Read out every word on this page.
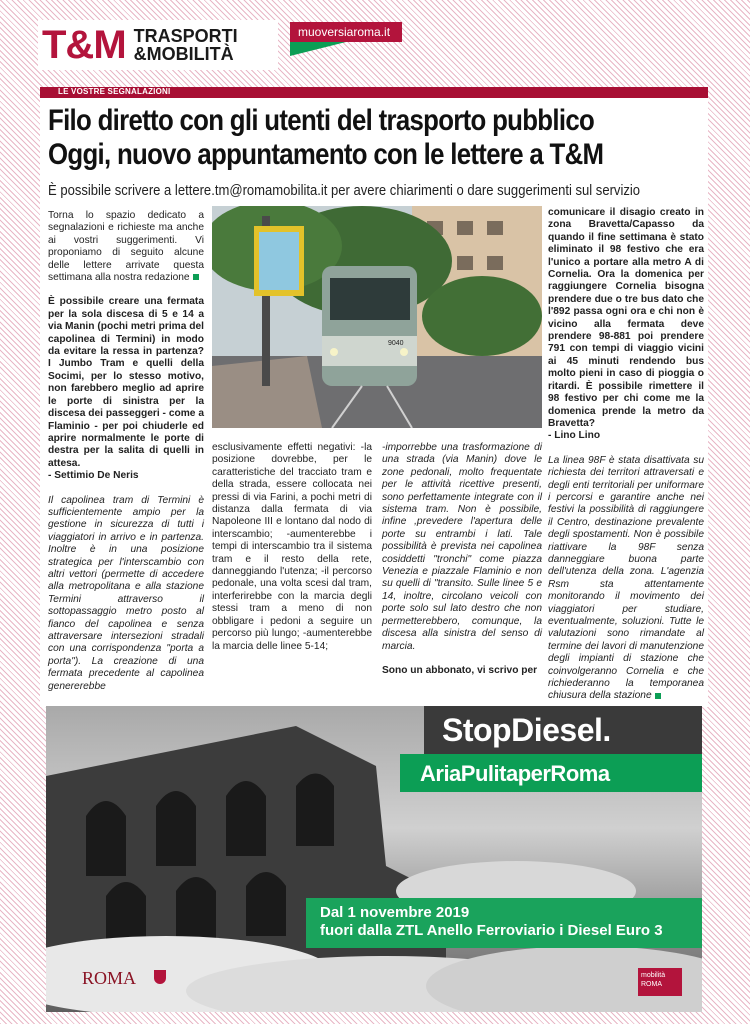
T&M TRASPORTI
&MOBILITÀ
muoversiaroma.it
LE VOSTRE SEGNALAZIONI
Filo diretto con gli utenti del trasporto pubblico
Oggi, nuovo appuntamento con le lettere a T&M
È possibile scrivere a lettere.tm@romamobilita.it per avere chiarimenti o dare suggerimenti sul servizio

Torna lo spazio dedicato a segnalazioni e richieste ma anche ai vostri suggerimenti. Vi proponiamo di seguito alcune delle lettere arrivate questa settimana alla nostra redazione

È possibile creare una fermata per la sola discesa di 5 e 14 a via Manin (pochi metri prima del capolinea di Termini) in modo da evitare la ressa in partenza? I Jumbo Tram e quelli della Socimi, per lo stesso motivo, non farebbero meglio ad aprire le porte di sinistra per la discesa dei passeggeri - come a Flaminio - per poi chiuderle ed aprire normalmente le porte di destra per la salita di quelli in attesa.
- Settimio De Neris

Il capolinea tram di Termini è sufficientemente ampio per la gestione in sicurezza di tutti i viaggiatori in arrivo e in partenza. Inoltre è in una posizione strategica per l'interscambio con altri vettori (permette di accedere alla metropolitana e alla stazione Termini attraverso il sottopassaggio metro posto al fianco del capolinea e senza attraversare intersezioni stradali con una corrispondenza "porta a porta"). La creazione di una fermata precedente al capolinea genererebbe

9040

comunicare il disagio creato in zona Bravetta/Capasso da quando il fine settimana è stato eliminato il 98 festivo che era l'unico a portare alla metro A di Cornelia. Ora la domenica per raggiungere Cornelia bisogna prendere due o tre bus dato che l'892 passa ogni ora e chi non è vicino alla fermata deve prendere 98-881 poi prendere 791 con tempi di viaggio vicini ai 45 minuti rendendo bus molto pieni in caso di pioggia o ritardi. È possibile rimettere il 98 festivo per chi come me la domenica prende la metro da Bravetta?
- Lino Lino

La linea 98F è stata disattivata su richiesta dei territori attraversati e degli enti territoriali per uniformare i percorsi e garantire anche nei festivi la possibilità di raggiungere il Centro, destinazione prevalente degli spostamenti. Non è possibile riattivare la 98F senza danneggiare buona parte dell'utenza della zona. L'agenzia Rsm sta attentamente monitorando il movimento dei viaggiatori per studiare, eventualmente, soluzioni. Tutte le valutazioni sono rimandate al termine dei lavori di manutenzione degli impianti di stazione che coinvolgeranno Cornelia e che richiederanno la temporanea chiusura della stazione

esclusivamente effetti negativi: -la posizione dovrebbe, per le caratteristiche del tracciato tram e della strada, essere collocata nei pressi di via Farini, a pochi metri di distanza dalla fermata di via Napoleone III e lontano dal nodo di interscambio; -aumenterebbe i tempi di interscambio tra il sistema tram e il resto della rete, danneggiando l'utenza; -il percorso pedonale, una volta scesi dal tram, interferirebbe con la marcia degli stessi tram a meno di non obbligare i pedoni a seguire un percorso più lungo; -aumenterebbe la marcia delle linee 5-14;

-imporrebbe una trasformazione di una strada (via Manin) dove le zone pedonali, molto frequentate per le attività ricettive presenti, sono perfettamente integrate con il sistema tram. Non è possibile, infine ,prevedere l'apertura delle porte su entrambi i lati. Tale possibilità è prevista nei capolinea cosiddetti "tronchi" come piazza Venezia e piazzale Flaminio e non su quelli di "transito. Sulle linee 5 e 14, inoltre, circolano veicoli con porte solo sul lato destro che non permetterebbero, comunque, la discesa alla sinistra del senso di marcia.

Sono un abbonato, vi scrivo per

StopDiesel.
AriaPulitaperRoma
Dal 1 novembre 2019
fuori dalla ZTL Anello Ferroviario i Diesel Euro 3
ROMA	mobilità ROMA
